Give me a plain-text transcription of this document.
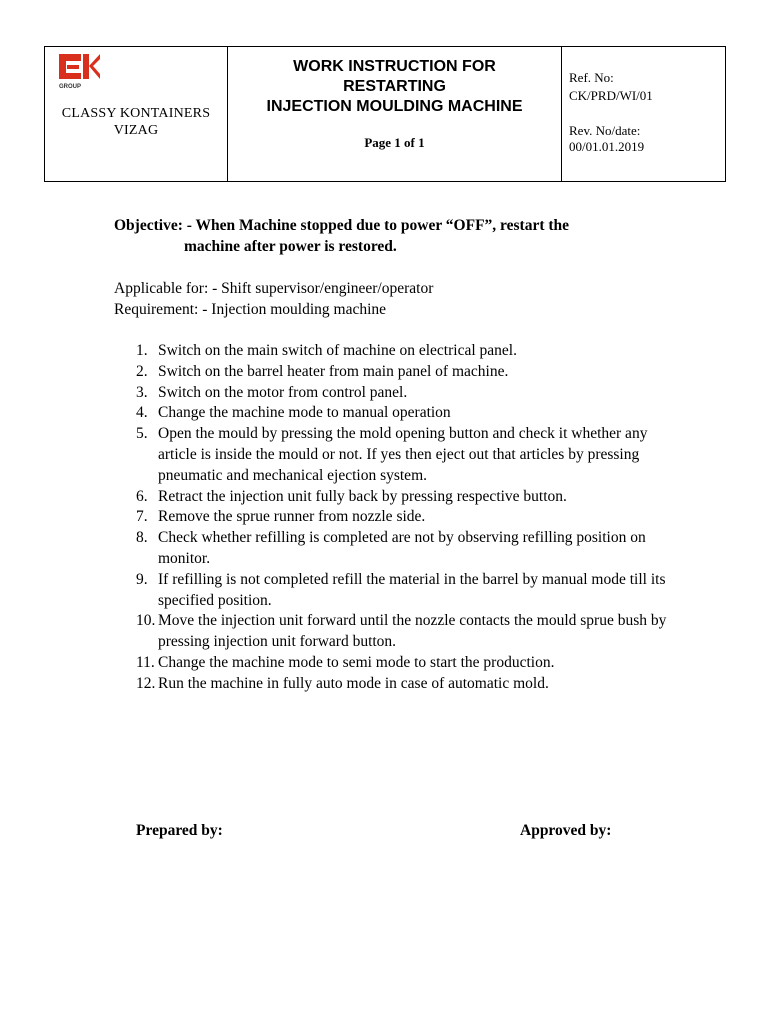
GROUP
CLASSY KONTAINERS
VIZAG

WORK INSTRUCTION FOR
RESTARTING
INJECTION MOULDING MACHINE
Page 1 of 1

Ref. No:
CK/PRD/WI/01
Rev. No/date:
00/01.01.2019
Objective: - When Machine stopped due to power “OFF”, restart the
machine after power is restored.
Applicable for: - Shift supervisor/engineer/operator
Requirement: - Injection moulding machine
1. Switch on the main switch of machine on electrical panel.
2. Switch on the barrel heater from main panel of machine.
3. Switch on the motor from control panel.
4. Change the machine mode to manual operation
5. Open the mould by pressing the mold opening button and check it whether any article is inside the mould or not. If yes then eject out that articles by pressing pneumatic and mechanical ejection system.
6. Retract the injection unit fully back by pressing respective button.
7. Remove the sprue runner from nozzle side.
8. Check whether refilling is completed are not by observing refilling position on monitor.
9. If refilling is not completed refill the material in the barrel by manual mode till its specified position.
10. Move the injection unit forward until the nozzle contacts the mould sprue bush by pressing injection unit forward button.
11. Change the machine mode to semi mode to start the production.
12. Run the machine in fully auto mode in case of automatic mold.
Prepared by:	Approved by:
